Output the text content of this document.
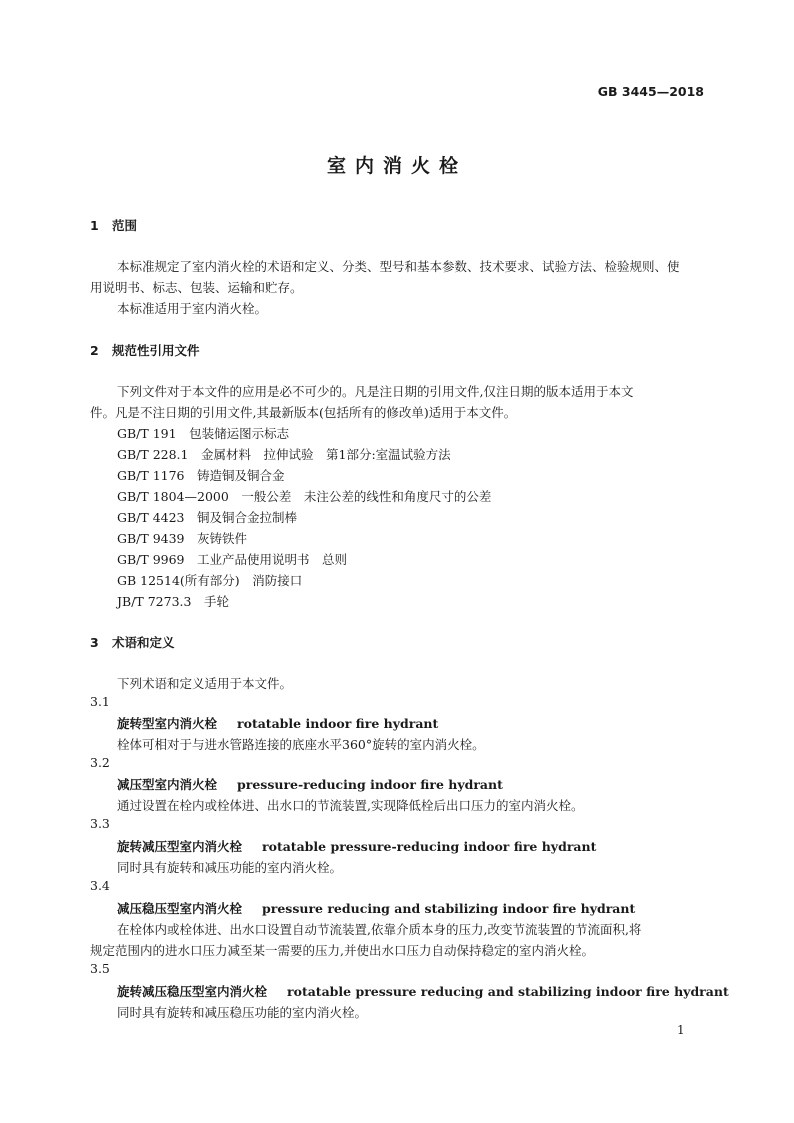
GB 3445—2018
室内消火栓
1 范围
本标准规定了室内消火栓的术语和定义、分类、型号和基本参数、技术要求、试验方法、检验规则、使
用说明书、标志、包装、运输和贮存。
本标准适用于室内消火栓。
2 规范性引用文件
下列文件对于本文件的应用是必不可少的。凡是注日期的引用文件,仅注日期的版本适用于本文
件。凡是不注日期的引用文件,其最新版本(包括所有的修改单)适用于本文件。
GB/T 191　 包装储运图示标志
GB/T 228.1　 金属材料　拉伸试验　第1部分:室温试验方法
GB/T 1176　 铸造铜及铜合金
GB/T 1804—2000　 一般公差　未注公差的线性和角度尺寸的公差
GB/T 4423　 铜及铜合金拉制棒
GB/T 9439　 灰铸铁件
GB/T 9969　 工业产品使用说明书　总则
GB 12514(所有部分)　 消防接口
JB/T 7273.3　 手轮
3 术语和定义
下列术语和定义适用于本文件。
3.1
旋转型室内消火栓 rotatable indoor fire hydrant
栓体可相对于与进水管路连接的底座水平360°旋转的室内消火栓。
3.2
减压型室内消火栓 pressure-reducing indoor fire hydrant
通过设置在栓内或栓体进、出水口的节流装置,实现降低栓后出口压力的室内消火栓。
3.3
旋转减压型室内消火栓 rotatable pressure-reducing indoor fire hydrant
同时具有旋转和减压功能的室内消火栓。
3.4
减压稳压型室内消火栓 pressure reducing and stabilizing indoor fire hydrant
在栓体内或栓体进、出水口设置自动节流装置,依靠介质本身的压力,改变节流装置的节流面积,将
规定范围内的进水口压力减至某一需要的压力,并使出水口压力自动保持稳定的室内消火栓。
3.5
旋转减压稳压型室内消火栓 rotatable pressure reducing and stabilizing indoor fire hydrant
同时具有旋转和减压稳压功能的室内消火栓。
1
